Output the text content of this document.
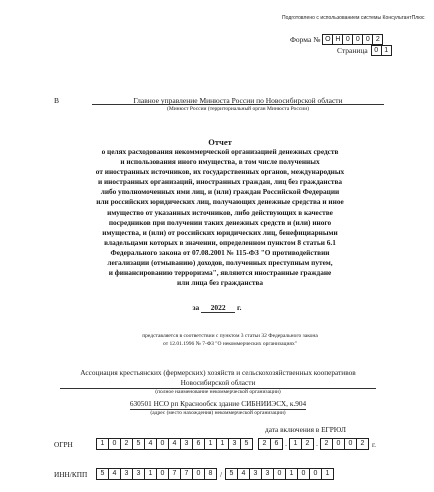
Подготовлено с использованием системы КонсультантПлюс
Форма № О Н 0 0 0 2
Страница 0 1
В	Главное управление Минюста России по Новосибирской области
(Минюст России (территориальный орган Минюста России)
Отчет
о целях расходования некоммерческой организацией денежных средств
и использования иного имущества, в том числе полученных
от иностранных источников, их государственных органов, международных
и иностранных организаций, иностранных граждан, лиц без гражданства
либо уполномоченных ими лиц, и (или) граждан Российской Федерации
или российских юридических лиц, получающих денежные средства и иное
имущество от указанных источников, либо действующих в качестве
посредников при получении таких денежных средств и (или) иного
имущества, и (или) от российских юридических лиц, бенефициарными
владельцами которых в значении, определенном пунктом 8 статьи 6.1
Федерального закона от 07.08.2001 № 115-ФЗ "О противодействии
легализации (отмыванию) доходов, полученных преступным путем,
и финансированию терроризма", являются иностранные граждане
или лица без гражданства
за 2022 г.
представляется в соответствии с пунктом 3 статьи 32 Федерального закона
от 12.01.1996 № 7-ФЗ "О некоммерческих организациях"
Ассоциация крестьянских (фермерских) хозяйств и сельскохозяйственных кооперативов
Новосибирской области
(полное наименование некоммерческой организации)
630501 НСО рп Краснообск здание СИБНИИЭСХ, к.904
(адрес (место нахождения) некоммерческой организации)
дата включения в ЕГРЮЛ
ОГРН	1	0	2	5	4	0	4	3	6	1	1	3	5	2	6 . 1	2 . 2	0	0	2	г.
ИНН/КПП	5	4	3	3	1	0	7	7	0	8	/	5	4	3	3	0	1	0	0	1
